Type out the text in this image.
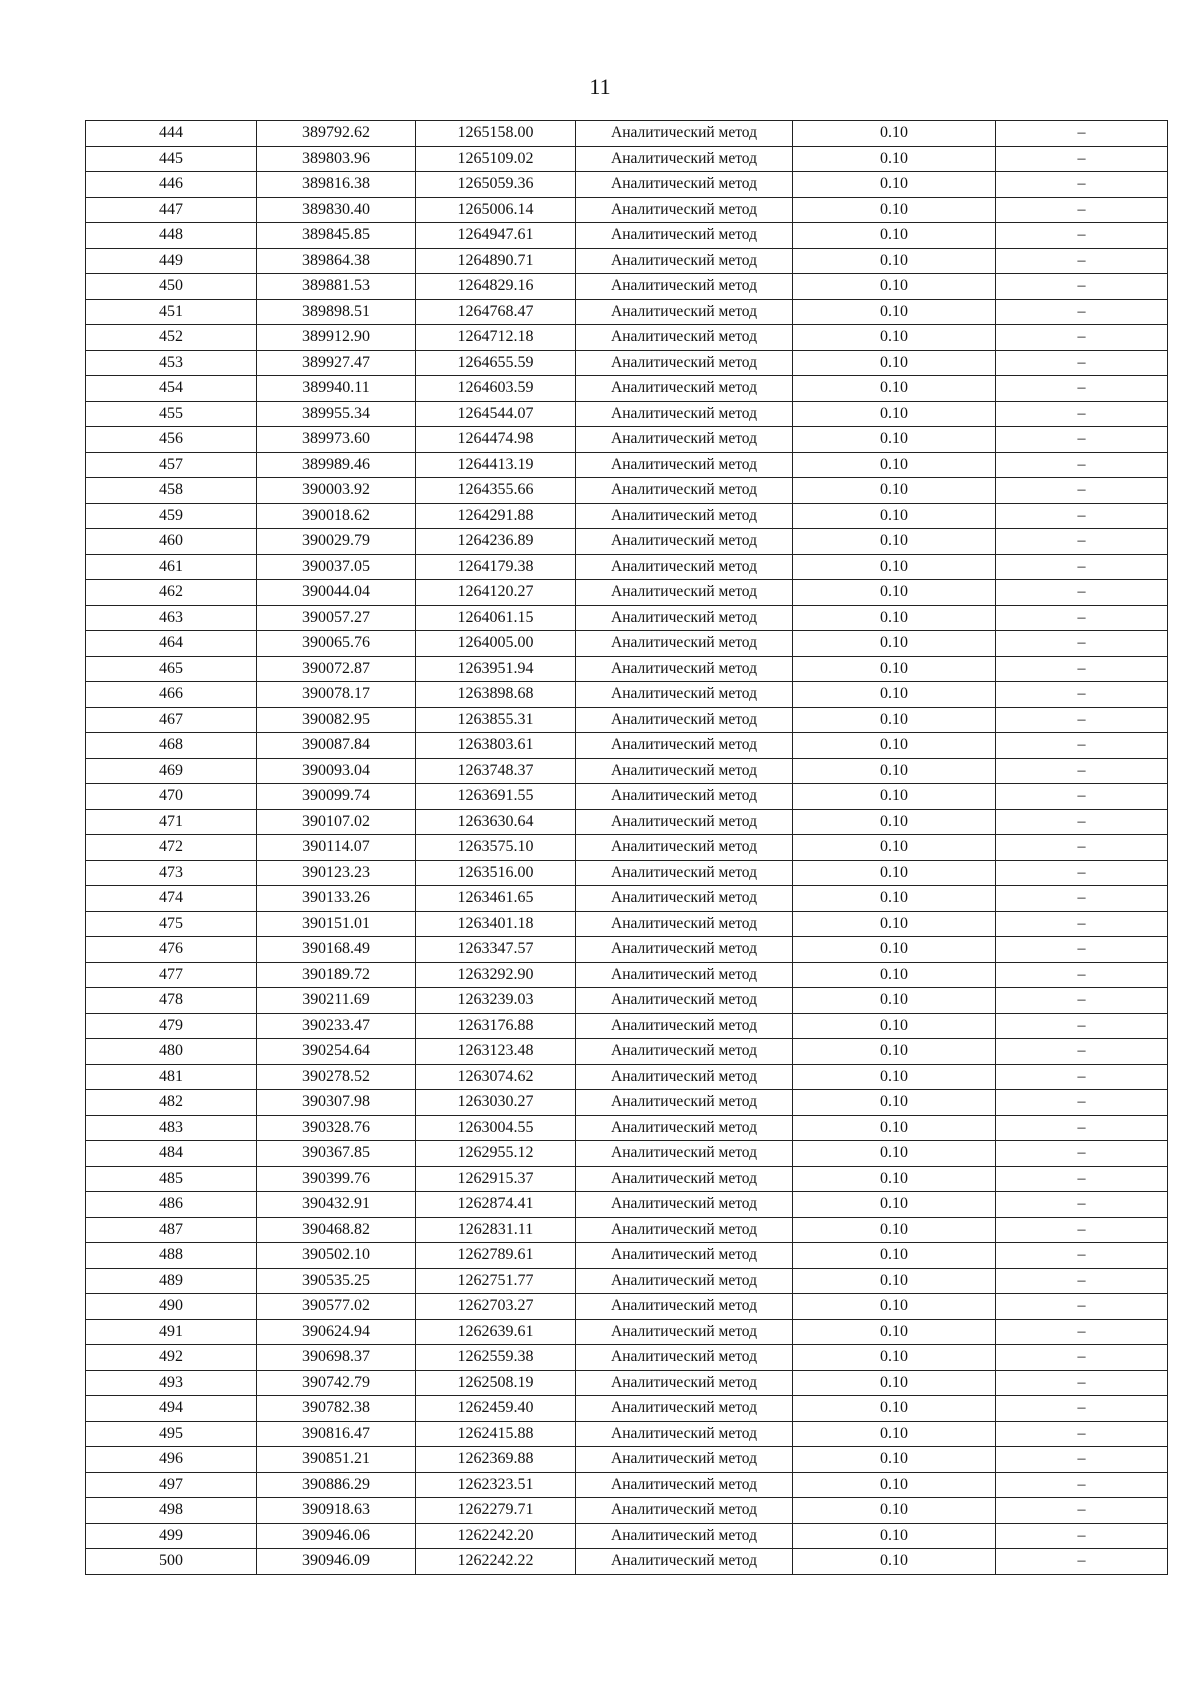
11
444	389792.62	1265158.00	Аналитический метод	0.10	–
445	389803.96	1265109.02	Аналитический метод	0.10	–
446	389816.38	1265059.36	Аналитический метод	0.10	–
447	389830.40	1265006.14	Аналитический метод	0.10	–
448	389845.85	1264947.61	Аналитический метод	0.10	–
449	389864.38	1264890.71	Аналитический метод	0.10	–
450	389881.53	1264829.16	Аналитический метод	0.10	–
451	389898.51	1264768.47	Аналитический метод	0.10	–
452	389912.90	1264712.18	Аналитический метод	0.10	–
453	389927.47	1264655.59	Аналитический метод	0.10	–
454	389940.11	1264603.59	Аналитический метод	0.10	–
455	389955.34	1264544.07	Аналитический метод	0.10	–
456	389973.60	1264474.98	Аналитический метод	0.10	–
457	389989.46	1264413.19	Аналитический метод	0.10	–
458	390003.92	1264355.66	Аналитический метод	0.10	–
459	390018.62	1264291.88	Аналитический метод	0.10	–
460	390029.79	1264236.89	Аналитический метод	0.10	–
461	390037.05	1264179.38	Аналитический метод	0.10	–
462	390044.04	1264120.27	Аналитический метод	0.10	–
463	390057.27	1264061.15	Аналитический метод	0.10	–
464	390065.76	1264005.00	Аналитический метод	0.10	–
465	390072.87	1263951.94	Аналитический метод	0.10	–
466	390078.17	1263898.68	Аналитический метод	0.10	–
467	390082.95	1263855.31	Аналитический метод	0.10	–
468	390087.84	1263803.61	Аналитический метод	0.10	–
469	390093.04	1263748.37	Аналитический метод	0.10	–
470	390099.74	1263691.55	Аналитический метод	0.10	–
471	390107.02	1263630.64	Аналитический метод	0.10	–
472	390114.07	1263575.10	Аналитический метод	0.10	–
473	390123.23	1263516.00	Аналитический метод	0.10	–
474	390133.26	1263461.65	Аналитический метод	0.10	–
475	390151.01	1263401.18	Аналитический метод	0.10	–
476	390168.49	1263347.57	Аналитический метод	0.10	–
477	390189.72	1263292.90	Аналитический метод	0.10	–
478	390211.69	1263239.03	Аналитический метод	0.10	–
479	390233.47	1263176.88	Аналитический метод	0.10	–
480	390254.64	1263123.48	Аналитический метод	0.10	–
481	390278.52	1263074.62	Аналитический метод	0.10	–
482	390307.98	1263030.27	Аналитический метод	0.10	–
483	390328.76	1263004.55	Аналитический метод	0.10	–
484	390367.85	1262955.12	Аналитический метод	0.10	–
485	390399.76	1262915.37	Аналитический метод	0.10	–
486	390432.91	1262874.41	Аналитический метод	0.10	–
487	390468.82	1262831.11	Аналитический метод	0.10	–
488	390502.10	1262789.61	Аналитический метод	0.10	–
489	390535.25	1262751.77	Аналитический метод	0.10	–
490	390577.02	1262703.27	Аналитический метод	0.10	–
491	390624.94	1262639.61	Аналитический метод	0.10	–
492	390698.37	1262559.38	Аналитический метод	0.10	–
493	390742.79	1262508.19	Аналитический метод	0.10	–
494	390782.38	1262459.40	Аналитический метод	0.10	–
495	390816.47	1262415.88	Аналитический метод	0.10	–
496	390851.21	1262369.88	Аналитический метод	0.10	–
497	390886.29	1262323.51	Аналитический метод	0.10	–
498	390918.63	1262279.71	Аналитический метод	0.10	–
499	390946.06	1262242.20	Аналитический метод	0.10	–
500	390946.09	1262242.22	Аналитический метод	0.10	–
